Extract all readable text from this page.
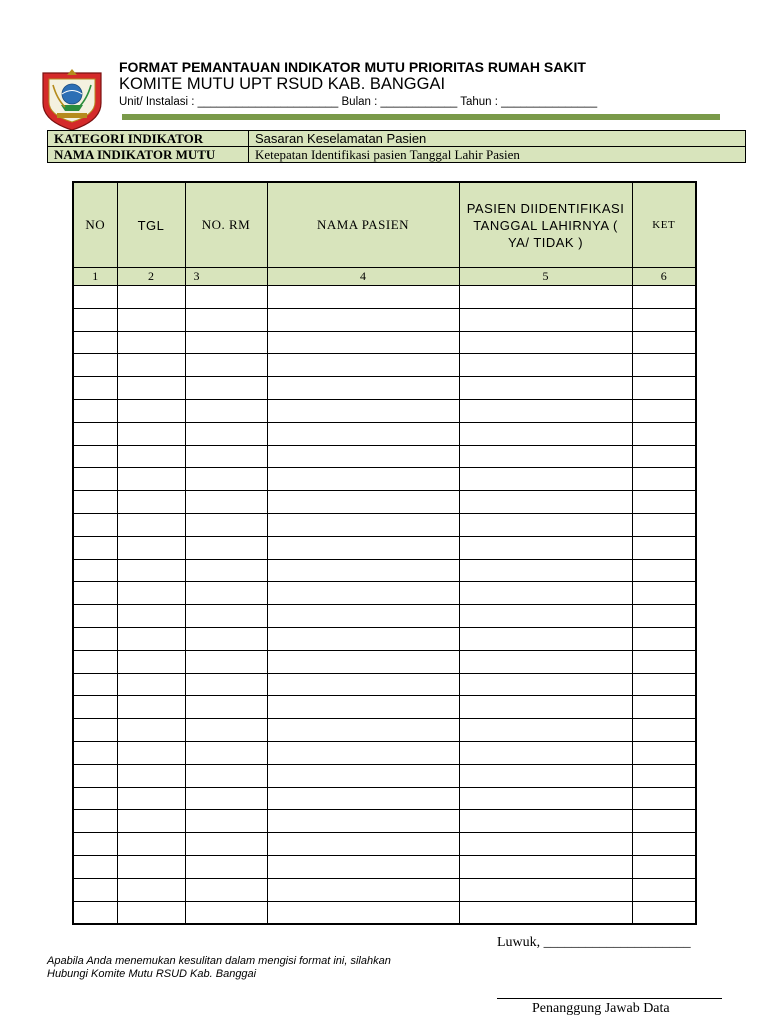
FORMAT PEMANTAUAN INDIKATOR MUTU PRIORITAS RUMAH SAKIT
KOMITE MUTU UPT RSUD KAB. BANGGAI
Unit/ Instalasi : ______________________ Bulan : ____________ Tahun : _______________
KATEGORI INDIKATOR	Sasaran Keselamatan Pasien
NAMA INDIKATOR MUTU	Ketepatan Identifikasi pasien Tanggal Lahir Pasien
NO	TGL	NO. RM	NAMA PASIEN	PASIEN DIIDENTIFIKASI TANGGAL LAHIRNYA ( YA/ TIDAK )	KET
1	2	3	4	5	6

Luwuk, _____________________
Apabila Anda menemukan kesulitan dalam mengisi format ini, silahkan
Hubungi Komite Mutu RSUD Kab. Banggai
Penanggung Jawab Data
